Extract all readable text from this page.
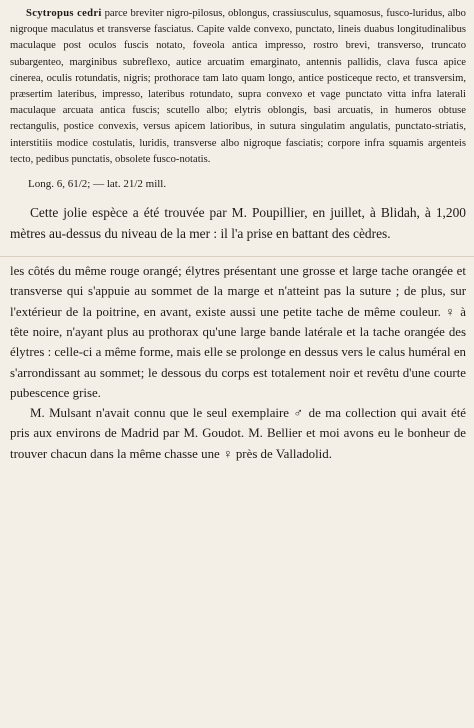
Scytropus cedri parce breviter nigro-pilosus, oblongus, crassiusculus, squamosus, fusco-luridus, albo nigroque maculatus et transverse fasciatus. Capite valde convexo, punctato, lineis duabus longitudinalibus maculaque post oculos fuscis notato, foveola antica impresso, rostro brevi, transverso, truncato subargenteo, marginibus subreflexo, autice arcuatim emarginato, antennis pallidis, clava fusca apice cinerea, oculis rotundatis, nigris; prothorace tam lato quam longo, antice posticeque recto, et transversim, præsertim lateribus, impresso, lateribus rotundato, supra convexo et vage punctato vitta infra laterali maculaque arcuata antica fuscis; scutello albo; elytris oblongis, basi arcuatis, in humeros obtuse rectangulis, postice convexis, versus apicem latioribus, in sutura singulatim angulatis, punctato-striatis, interstitiis modice costulatis, luridis, transverse albo nigroque fasciatis; corpore infra squamis argenteis tecto, pedibus punctatis, obsolete fusco-notatis.

Long. 6, 61/2; — lat. 21/2 mill.

Cette jolie espèce a été trouvée par M. Poupillier, en juillet, à Blidah, à 1,200 mètres au-dessus du niveau de la mer : il l'a prise en battant des cèdres.

les côtés du même rouge orangé; élytres présentant une grosse et large tache orangée et transverse qui s'appuie au sommet de la marge et n'atteint pas la suture ; de plus, sur l'extérieur de la poitrine, en avant, existe aussi une petite tache de même couleur. ♀ à tête noire, n'ayant plus au prothorax qu'une large bande latérale et la tache orangée des élytres : celle-ci a même forme, mais elle se prolonge en dessus vers le calus huméral en s'arrondissant au sommet; le dessous du corps est totalement noir et revêtu d'une courte pubescence grise.

M. Mulsant n'avait connu que le seul exemplaire ♂ de ma collection qui avait été pris aux environs de Madrid par M. Goudot. M. Bellier et moi avons eu le bonheur de trouver chacun dans la même chasse une ♀ près de Valladolid.
